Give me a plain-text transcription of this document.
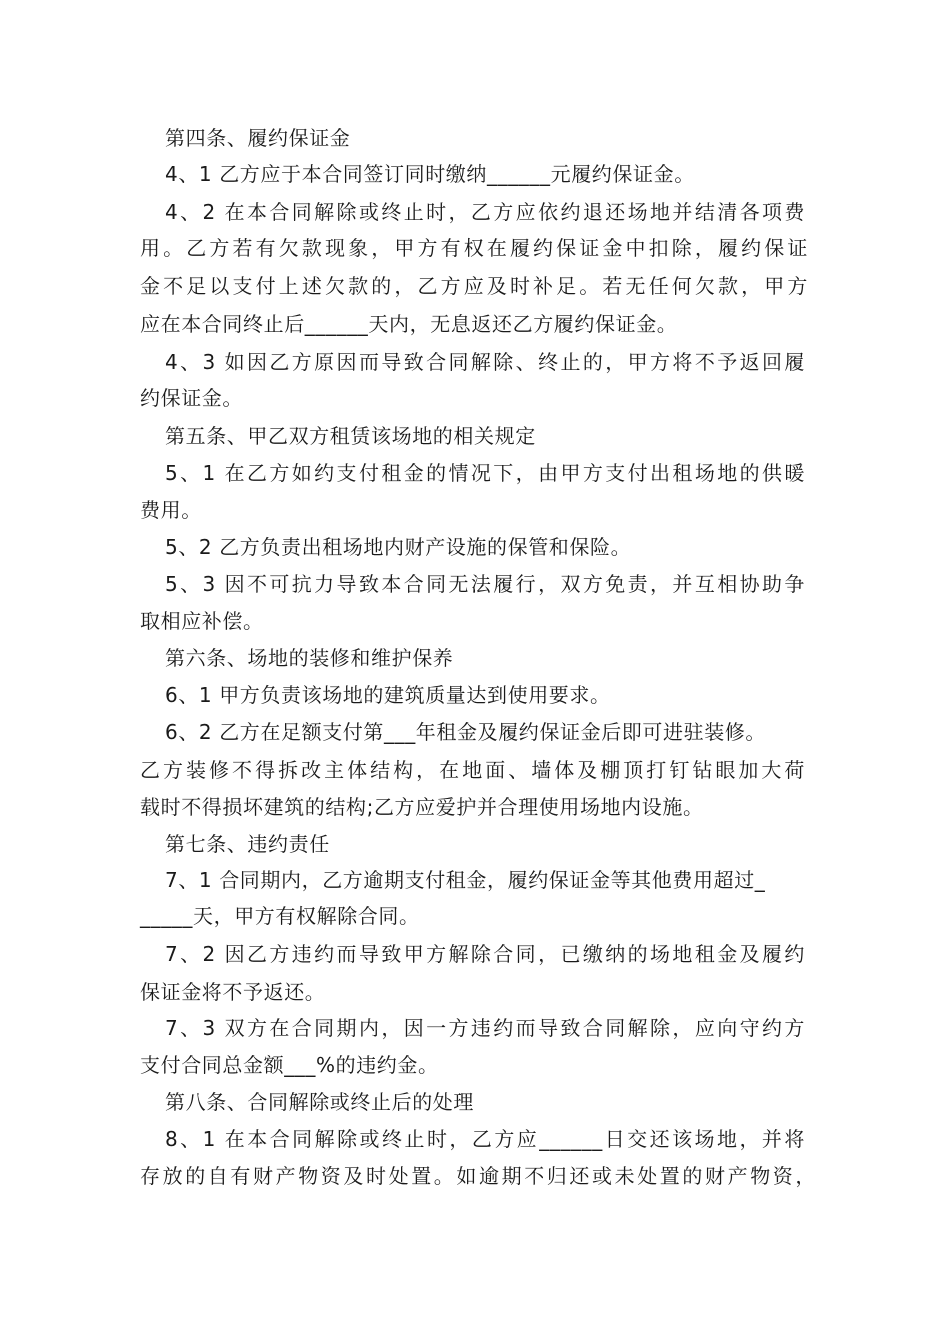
第四条、履约保证金
4、1 乙方应于本合同签订同时缴纳______元履约保证金。
4、2 在本合同解除或终止时，乙方应依约退还场地并结清各项费
用。乙方若有欠款现象，甲方有权在履约保证金中扣除，履约保证
金不足以支付上述欠款的，乙方应及时补足。若无任何欠款，甲方
应在本合同终止后______天内，无息返还乙方履约保证金。
4、3 如因乙方原因而导致合同解除、终止的，甲方将不予返回履
约保证金。
第五条、甲乙双方租赁该场地的相关规定
5、1 在乙方如约支付租金的情况下，由甲方支付出租场地的供暖
费用。
5、2 乙方负责出租场地内财产设施的保管和保险。
5、3 因不可抗力导致本合同无法履行，双方免责，并互相协助争
取相应补偿。
第六条、场地的装修和维护保养
6、1 甲方负责该场地的建筑质量达到使用要求。
6、2 乙方在足额支付第___年租金及履约保证金后即可进驻装修。
乙方装修不得拆改主体结构，在地面、墙体及棚顶打钉钻眼加大荷
载时不得损坏建筑的结构;乙方应爱护并合理使用场地内设施。
第七条、违约责任
7、1 合同期内，乙方逾期支付租金，履约保证金等其他费用超过_
_____天，甲方有权解除合同。
7、2 因乙方违约而导致甲方解除合同，已缴纳的场地租金及履约
保证金将不予返还。
7、3 双方在合同期内，因一方违约而导致合同解除，应向守约方
支付合同总金额___%的违约金。
第八条、合同解除或终止后的处理
8、1 在本合同解除或终止时，乙方应______日交还该场地，并将
存放的自有财产物资及时处置。如逾期不归还或未处置的财产物资，
